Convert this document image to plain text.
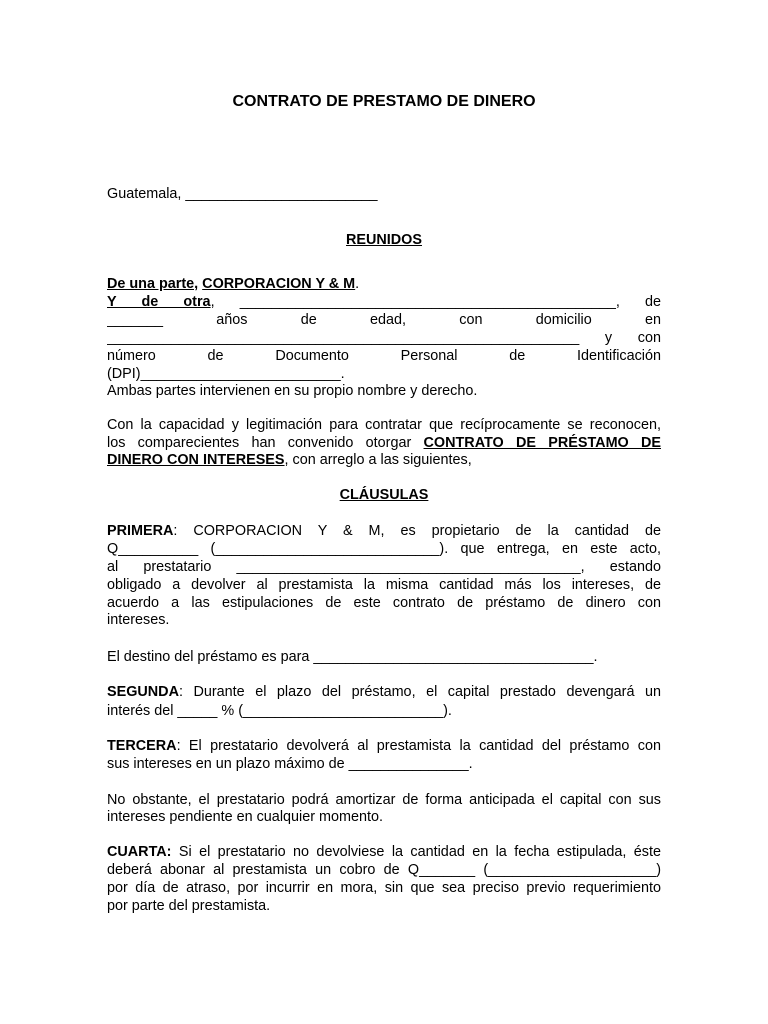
CONTRATO DE PRESTAMO DE DINERO
Guatemala, ________________________
REUNIDOS
De una parte, CORPORACION Y & M.
Y de otra, _______________________________________________, de
_______ años de edad, con domicilio en
___________________________________________________________ y con
número de Documento Personal de Identificación
(DPI)_________________________.
Ambas partes intervienen en su propio nombre y derecho.
Con la capacidad y legitimación para contratar que recíprocamente se reconocen,
los comparecientes han convenido otorgar CONTRATO DE PRÉSTAMO DE
DINERO CON INTERESES, con arreglo a las siguientes,
CLÁUSULAS
PRIMERA: CORPORACION Y & M, es propietario de la cantidad de
Q__________ (____________________________). que entrega, en este acto,
al prestatario ___________________________________________, estando
obligado a devolver al prestamista la misma cantidad más los intereses, de
acuerdo a las estipulaciones de este contrato de préstamo de dinero con
intereses.
El destino del préstamo es para ___________________________________.
SEGUNDA: Durante el plazo del préstamo, el capital prestado devengará un
interés del _____ % (_________________________).
TERCERA: El prestatario devolverá al prestamista la cantidad del préstamo con
sus intereses en un plazo máximo de _______________.
No obstante, el prestatario podrá amortizar de forma anticipada el capital con sus
intereses pendiente en cualquier momento.
CUARTA: Si el prestatario no devolviese la cantidad en la fecha estipulada, éste
deberá abonar al prestamista un cobro de Q_______ (_____________________)
por día de atraso, por incurrir en mora, sin que sea preciso previo requerimiento
por parte del prestamista.
